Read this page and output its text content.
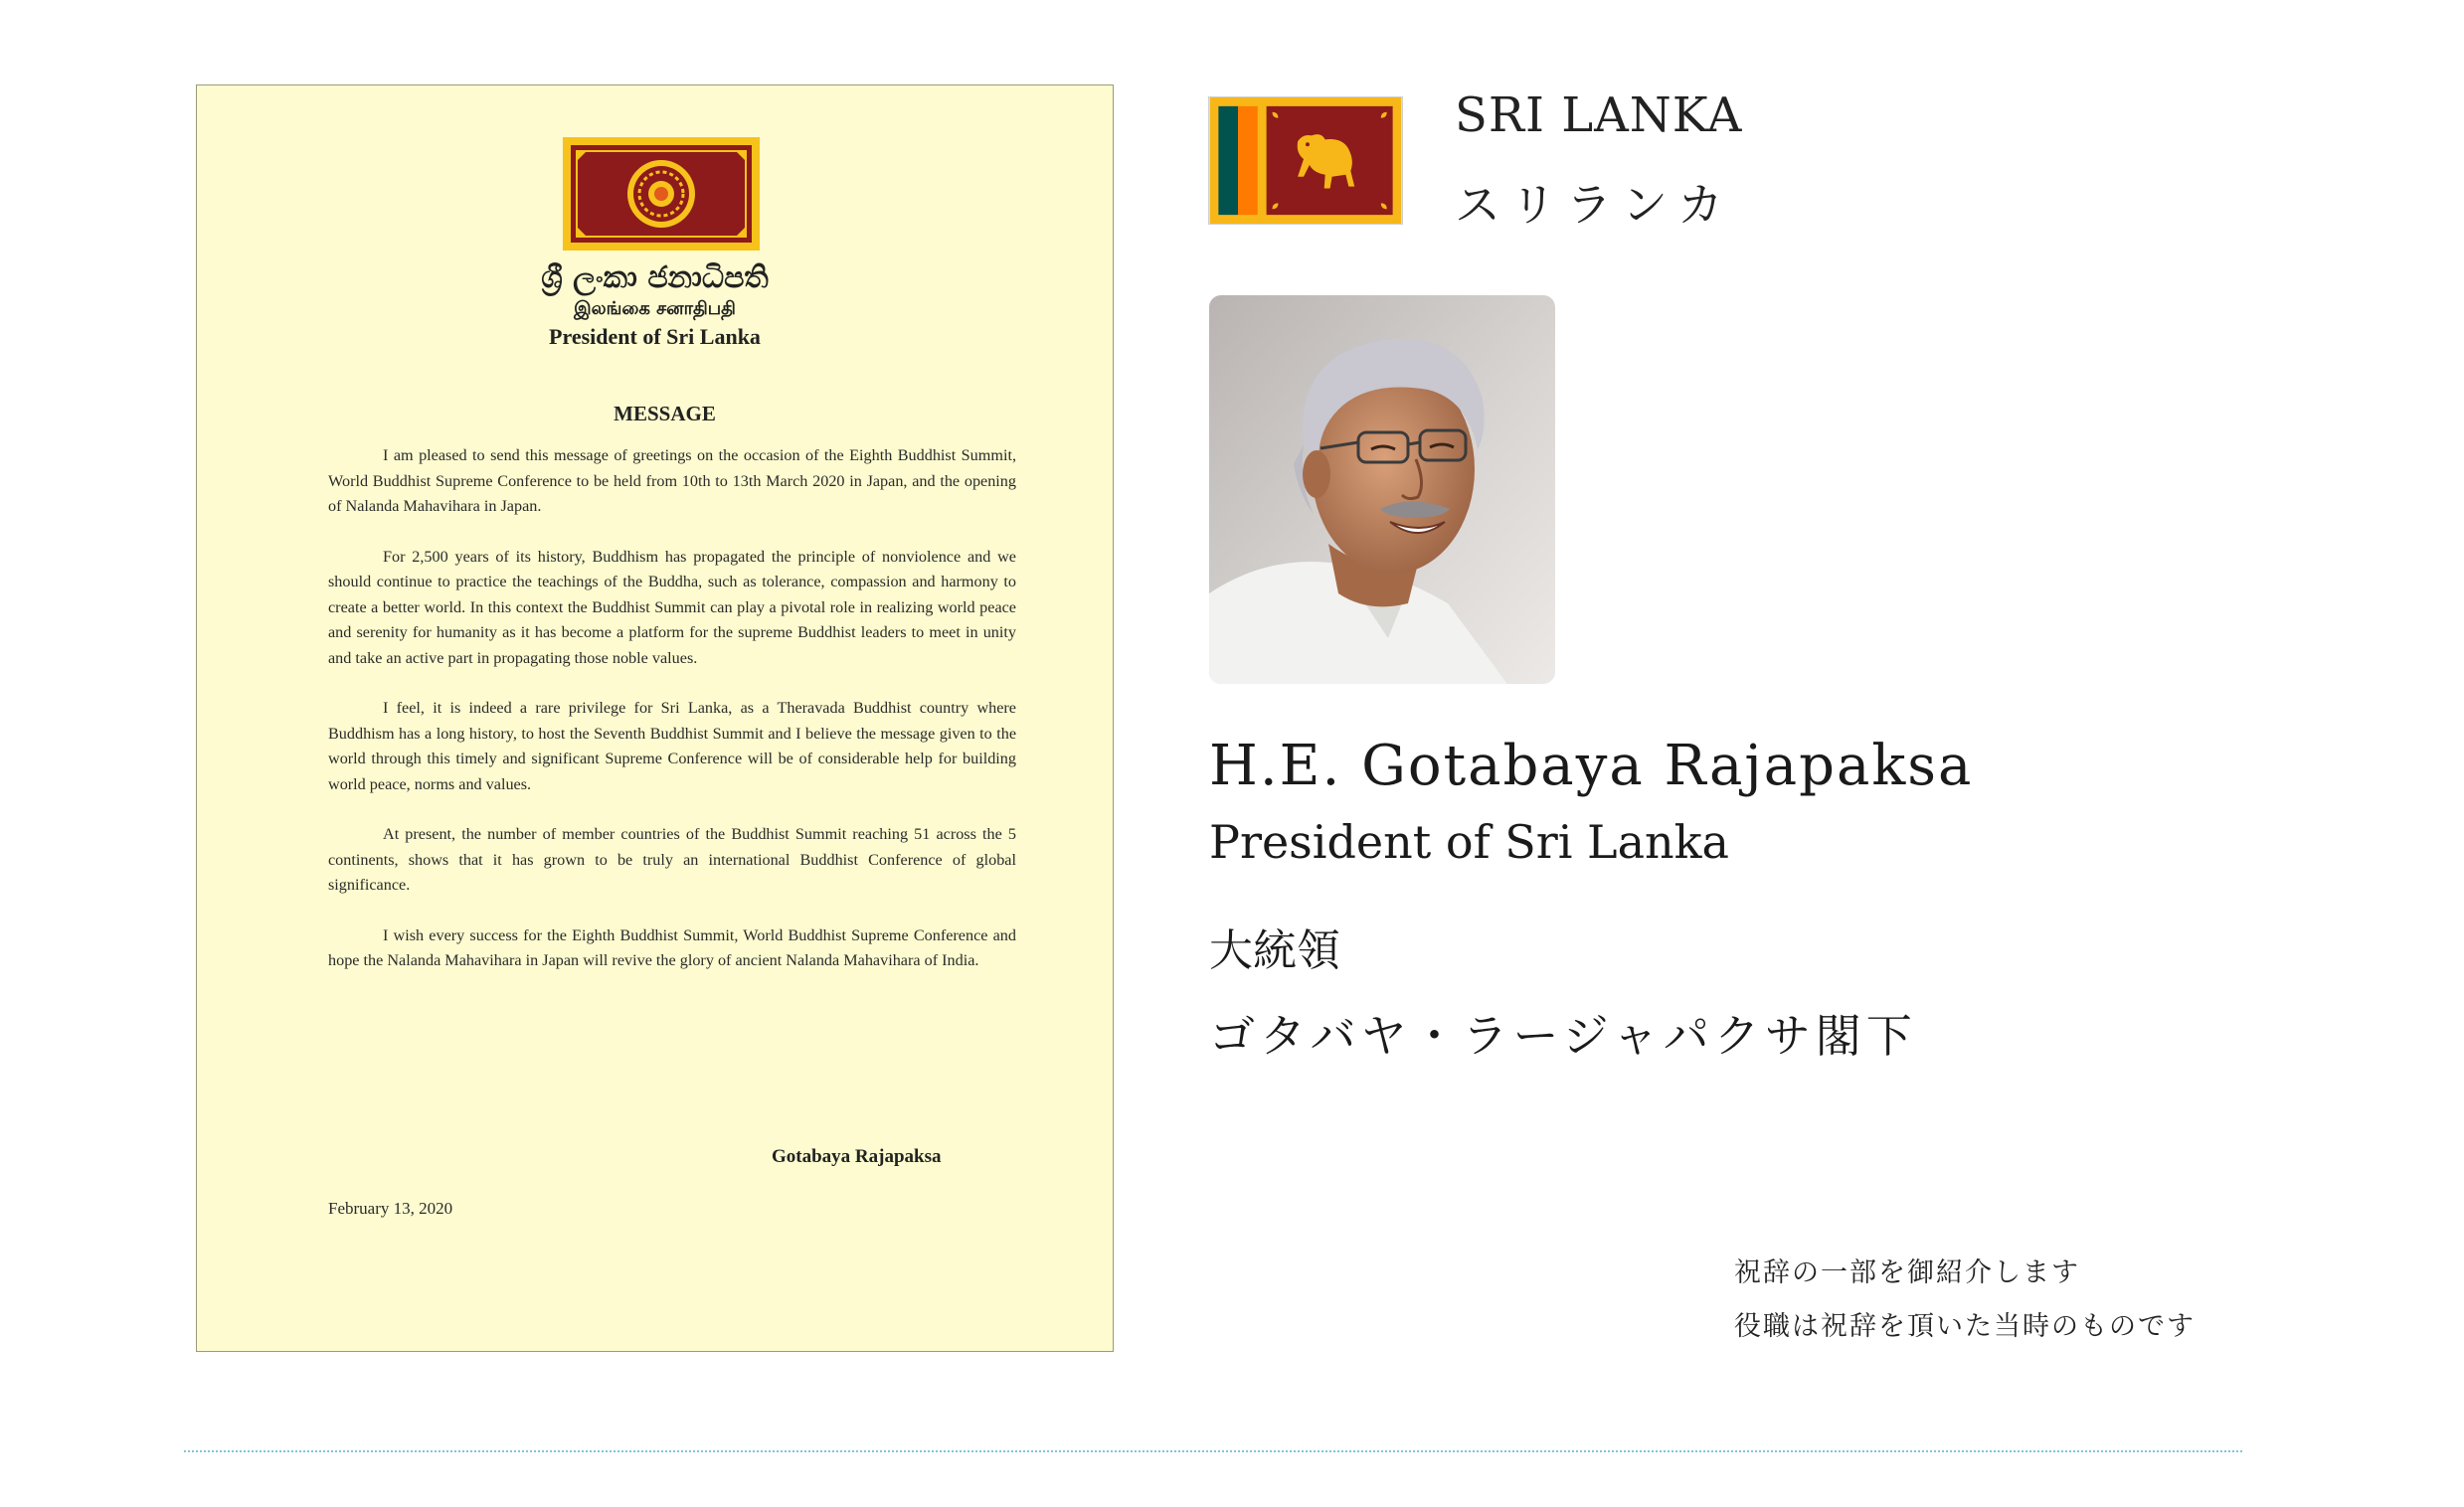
ශ්‍රී ලංකා ජනාධිපති
இலங்கை சனாதிபதி
President of Sri Lanka
MESSAGE

I am pleased to send this message of greetings on the occasion of the Eighth Buddhist Summit, World Buddhist Supreme Conference to be held from 10th to 13th March 2020 in Japan, and the opening of Nalanda Mahavihara in Japan.

For 2,500 years of its history, Buddhism has propagated the principle of nonviolence and we should continue to practice the teachings of the Buddha, such as tolerance, compassion and harmony to create a better world. In this context the Buddhist Summit can play a pivotal role in realizing world peace and serenity for humanity as it has become a platform for the supreme Buddhist leaders to meet in unity and take an active part in propagating those noble values.

I feel, it is indeed a rare privilege for Sri Lanka, as a Theravada Buddhist country where Buddhism has a long history, to host the Seventh Buddhist Summit and I believe the message given to the world through this timely and significant Supreme Conference will be of considerable help for building world peace, norms and values.

At present, the number of member countries of the Buddhist Summit reaching 51 across the 5 continents, shows that it has grown to be truly an international Buddhist Conference of global significance.

I wish every success for the Eighth Buddhist Summit, World Buddhist Supreme Conference and hope the Nalanda Mahavihara in Japan will revive the glory of ancient Nalanda Mahavihara of India.

Gotabaya Rajapaksa
February 13, 2020
SRI LANKA
スリランカ
H.E. Gotabaya Rajapaksa
President of Sri Lanka
大統領
ゴタバヤ・ラージャパクサ閣下
祝辞の一部を御紹介します
役職は祝辞を頂いた当時のものです
